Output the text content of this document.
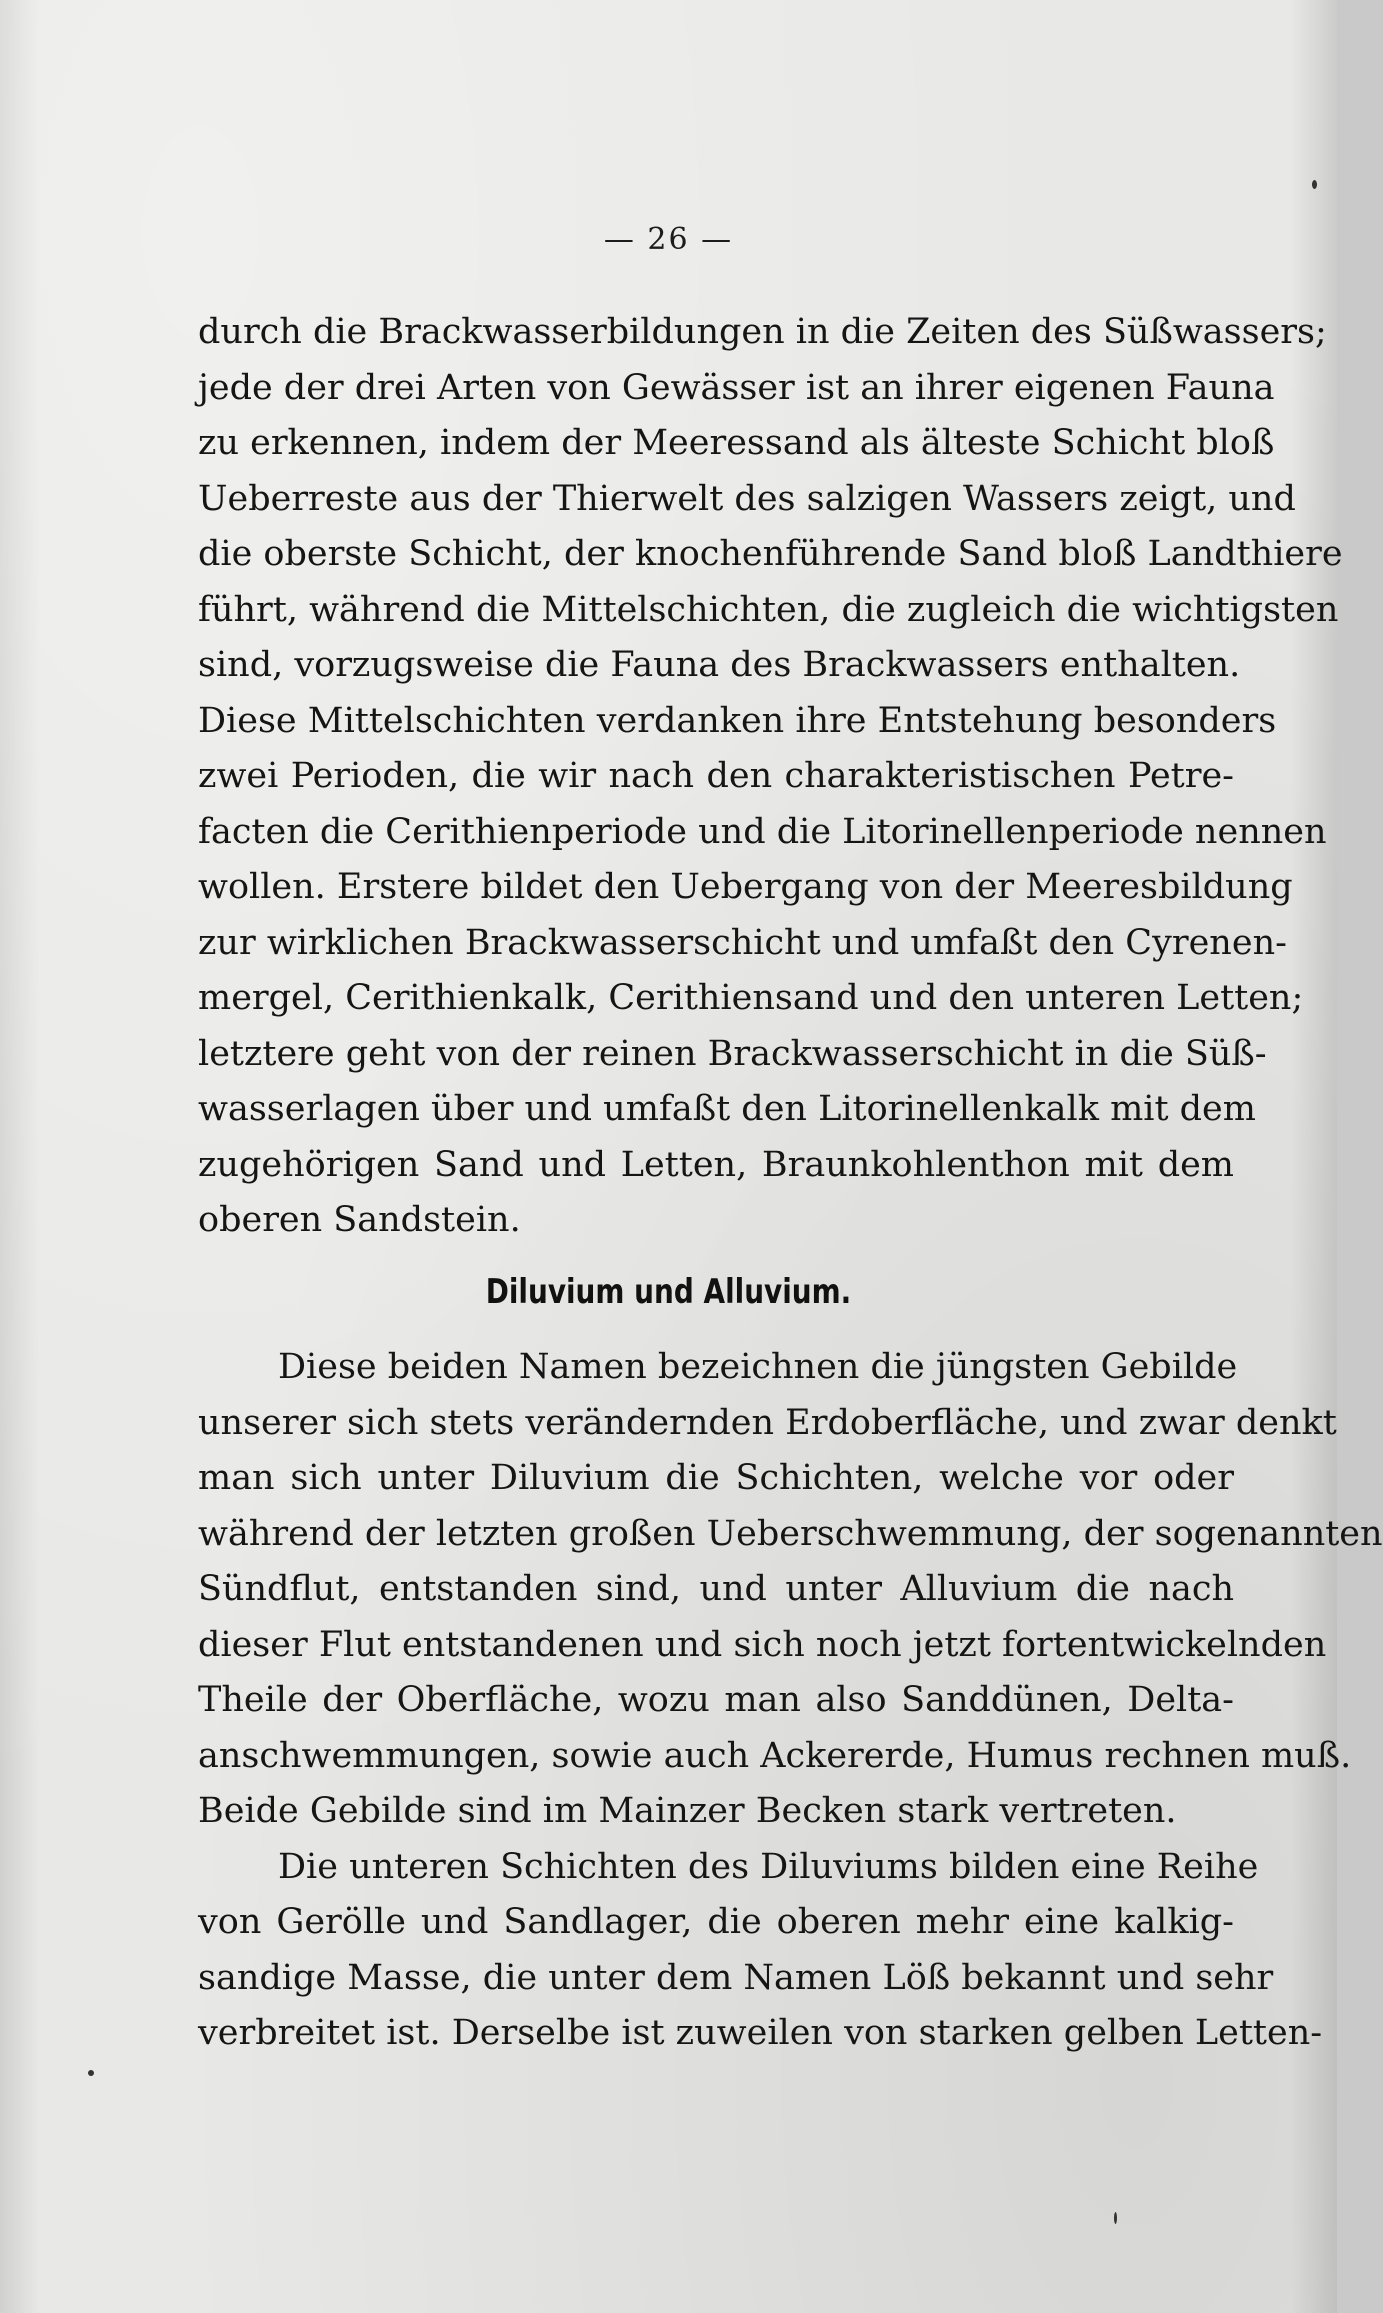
— 26 —
durch die Brackwasserbildungen in die Zeiten des Süßwassers;
jede der drei Arten von Gewässer ist an ihrer eigenen Fauna
zu erkennen, indem der Meeressand als älteste Schicht bloß
Ueberreste aus der Thierwelt des salzigen Wassers zeigt, und
die oberste Schicht, der knochenführende Sand bloß Landthiere
führt, während die Mittelschichten, die zugleich die wichtigsten
sind, vorzugsweise die Fauna des Brackwassers enthalten.
Diese Mittelschichten verdanken ihre Entstehung besonders
zwei Perioden, die wir nach den charakteristischen Petre-
facten die Cerithienperiode und die Litorinellenperiode nennen
wollen. Erstere bildet den Uebergang von der Meeresbildung
zur wirklichen Brackwasserschicht und umfaßt den Cyrenen-
mergel, Cerithienkalk, Cerithiensand und den unteren Letten;
letztere geht von der reinen Brackwasserschicht in die Süß-
wasserlagen über und umfaßt den Litorinellenkalk mit dem
zugehörigen Sand und Letten, Braunkohlenthon mit dem
oberen Sandstein.
Diluvium und Alluvium.
Diese beiden Namen bezeichnen die jüngsten Gebilde
unserer sich stets verändernden Erdoberfläche, und zwar denkt
man sich unter Diluvium die Schichten, welche vor oder
während der letzten großen Ueberschwemmung, der sogenannten
Sündflut, entstanden sind, und unter Alluvium die nach
dieser Flut entstandenen und sich noch jetzt fortentwickelnden
Theile der Oberfläche, wozu man also Sanddünen, Delta-
anschwemmungen, sowie auch Ackererde, Humus rechnen muß.
Beide Gebilde sind im Mainzer Becken stark vertreten.
Die unteren Schichten des Diluviums bilden eine Reihe
von Gerölle und Sandlager, die oberen mehr eine kalkig-
sandige Masse, die unter dem Namen Löß bekannt und sehr
verbreitet ist. Derselbe ist zuweilen von starken gelben Letten-
